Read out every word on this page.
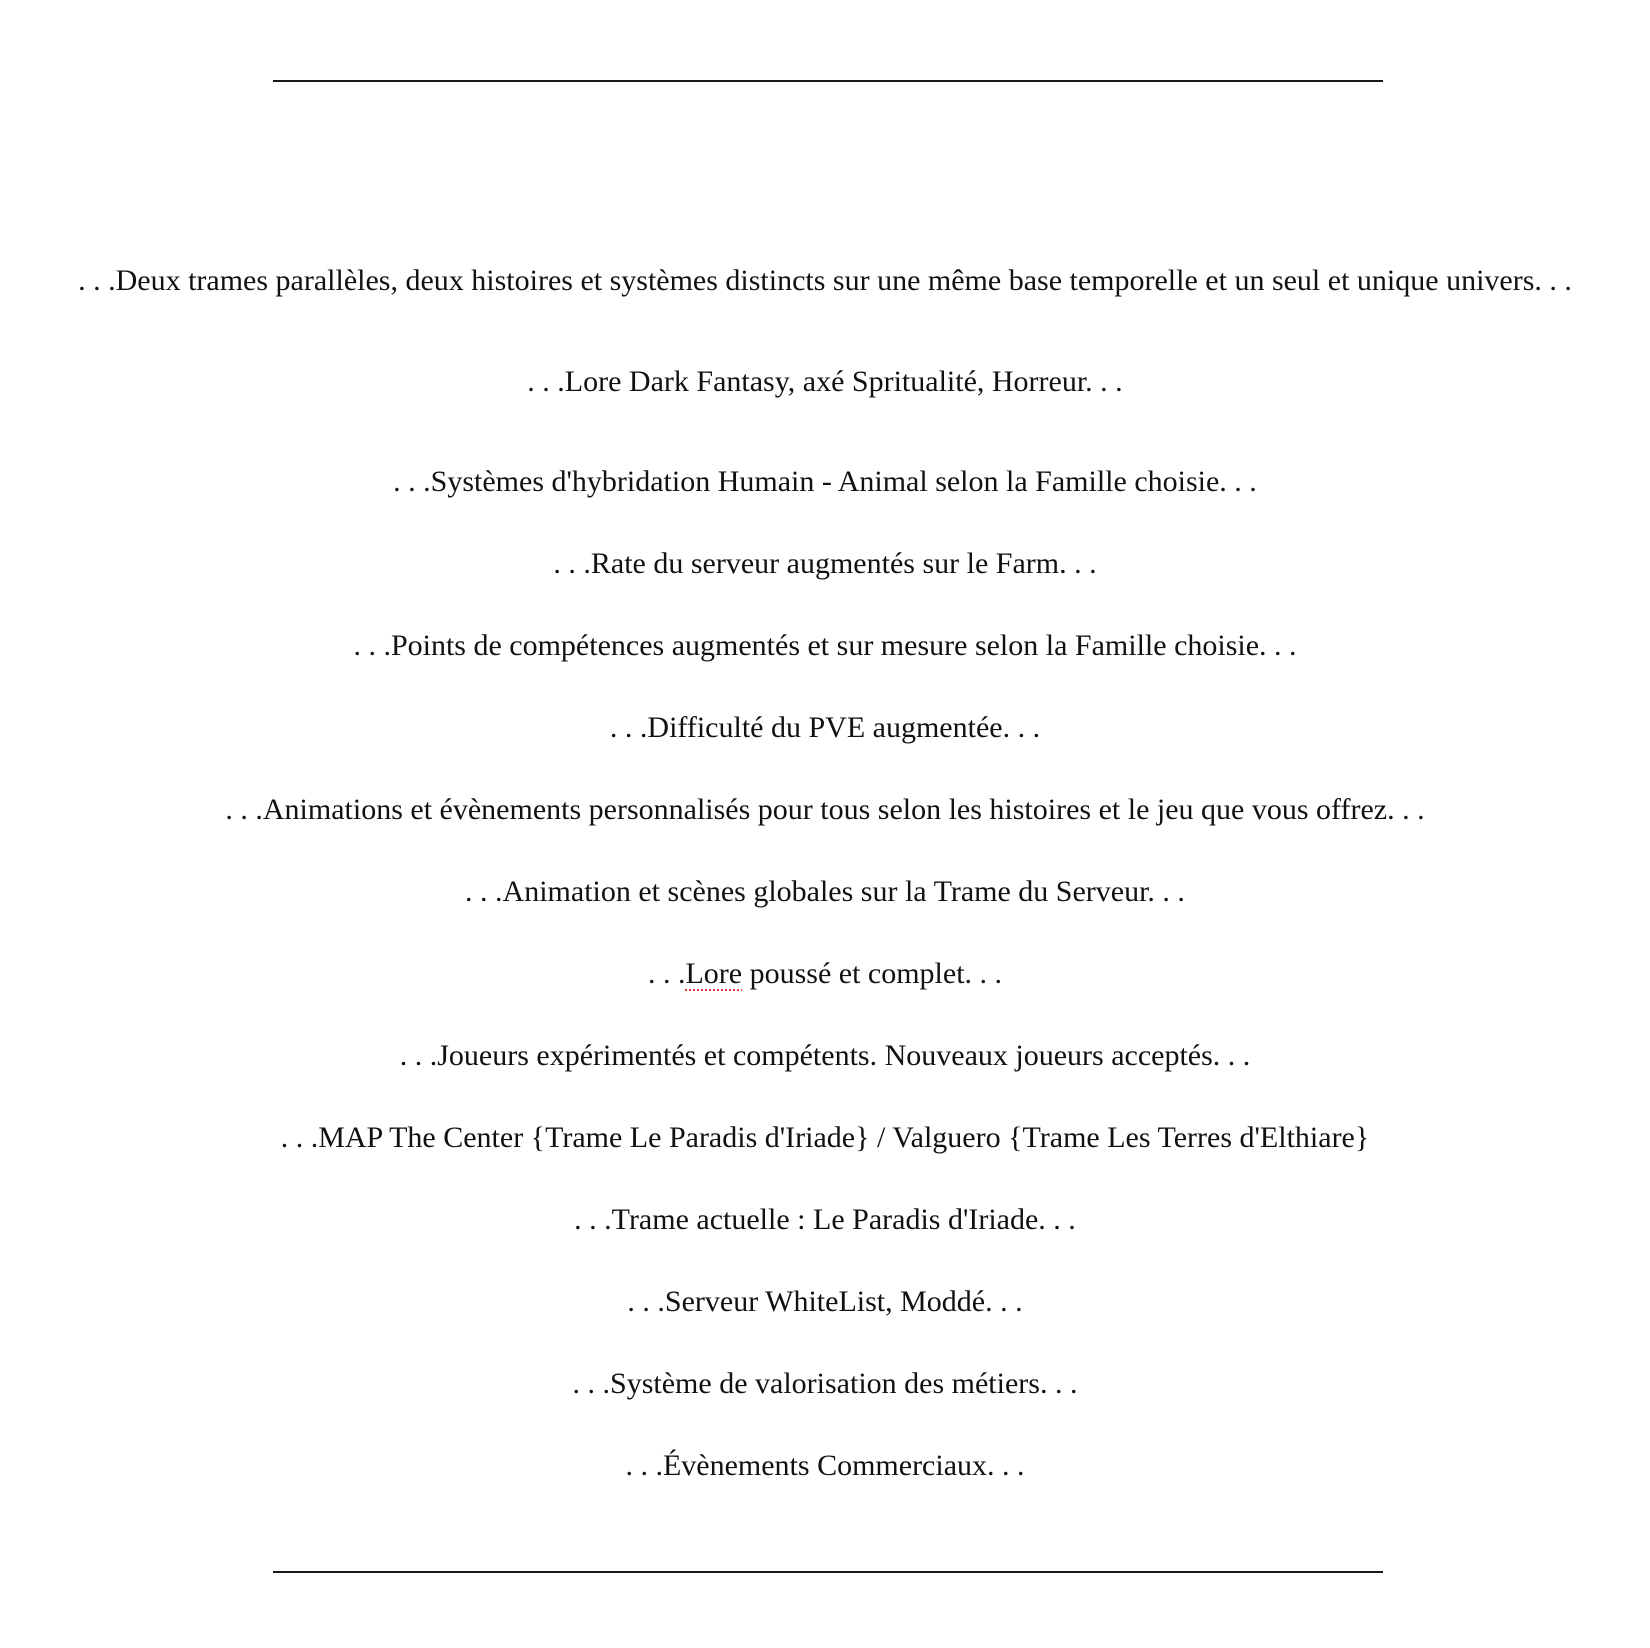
. . .Deux trames parallèles, deux histoires et systèmes distincts sur une même base temporelle et un seul et unique univers. . .
. . .Lore Dark Fantasy, axé Spritualité, Horreur. . .
. . .Systèmes d'hybridation Humain - Animal selon la Famille choisie. . .
. . .Rate du serveur augmentés sur le Farm. . .
. . .Points de compétences augmentés et sur mesure selon la Famille choisie. . .
. . .Difficulté du PVE augmentée. . .
. . .Animations et évènements personnalisés pour tous selon les histoires et le jeu que vous offrez. . .
. . .Animation et scènes globales sur la Trame du Serveur. . .
. . .Lore poussé et complet. . .
. . .Joueurs expérimentés et compétents. Nouveaux joueurs acceptés. . .
. . .MAP The Center {Trame Le Paradis d'Iriade} / Valguero {Trame Les Terres d'Elthiare}
. . .Trame actuelle : Le Paradis d'Iriade. . .
. . .Serveur WhiteList, Moddé. . .
. . .Système de valorisation des métiers. . .
. . .Évènements Commerciaux. . .
